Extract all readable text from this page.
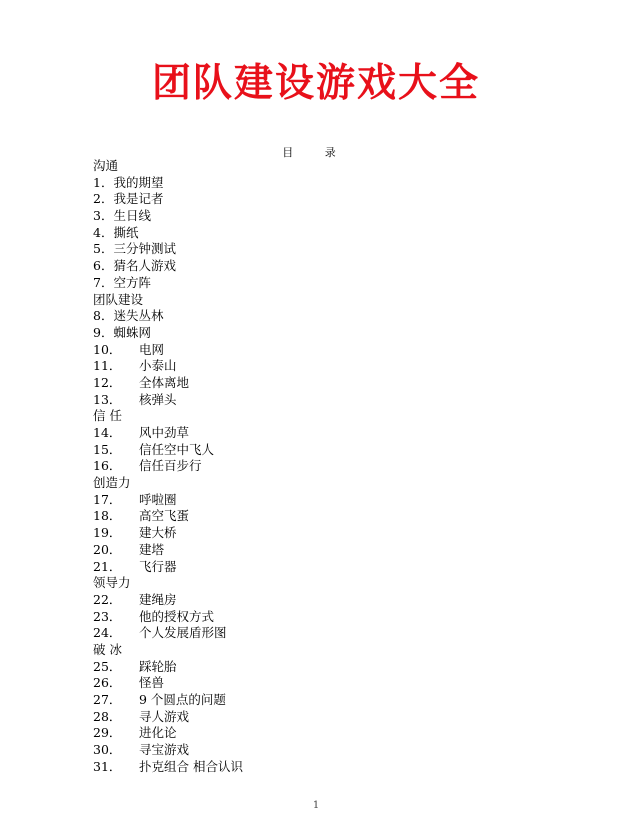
团队建设游戏大全
目 录
沟通
1．我的期望
2．我是记者
3．生日线
4．撕纸
5．三分钟测试
6．猜名人游戏
7．空方阵
团队建设
8．迷失丛林
9．蜘蛛网
10． 电网
11． 小泰山
12． 全体离地
13． 核弹头
信 任
14． 风中劲草
15． 信任空中飞人
16． 信任百步行
创造力
17． 呼啦圈
18． 高空飞蛋
19． 建大桥
20． 建塔
21． 飞行器
领导力
22． 建绳房
23． 他的授权方式
24． 个人发展盾形图
破 冰
25． 踩轮胎
26． 怪兽
27． 9 个圆点的问题
28． 寻人游戏
29． 进化论
30． 寻宝游戏
31． 扑克组合 相合认识
1
